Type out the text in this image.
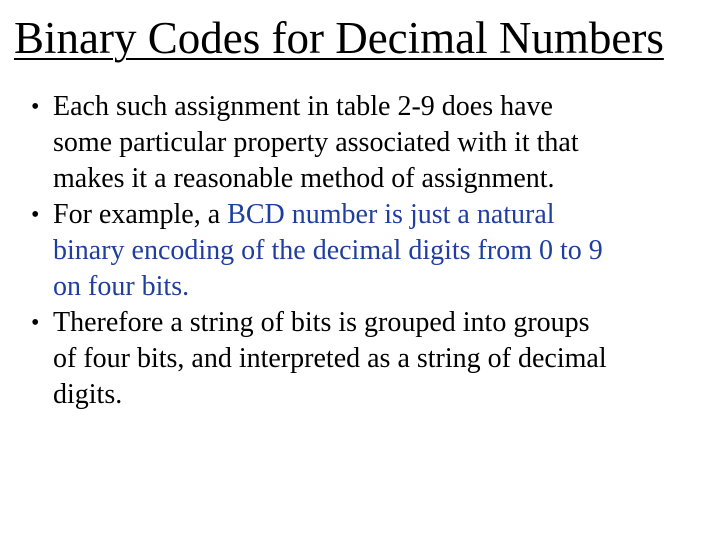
Binary Codes for Decimal Numbers
• Each such assignment in table 2-9 does have
some particular property associated with it that
makes it a reasonable method of assignment.
• For example, a BCD number is just a natural
binary encoding of the decimal digits from 0 to 9
on four bits.
• Therefore a string of bits is grouped into groups
of four bits, and interpreted as a string of decimal
digits.
